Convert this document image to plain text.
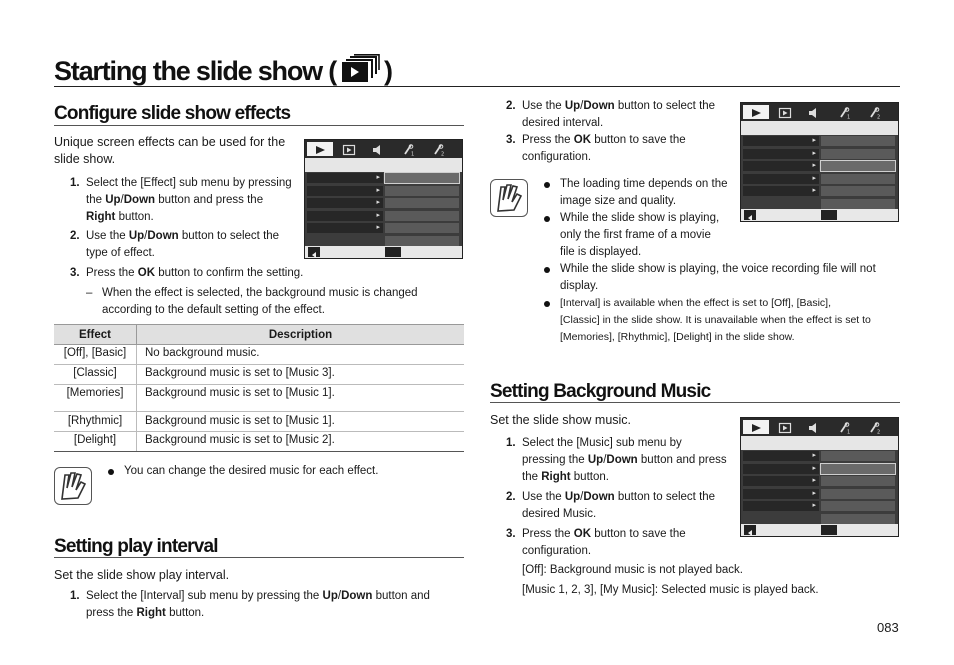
Starting the slide show ( )
Configure slide show effects
Unique screen effects can be used for the
slide show.	1	2
▸
▸
▸
▸
▸
1. Select the [Effect] sub menu by pressing
the Up/Down button and press the
Right button.
2. Use the Up/Down button to select the
type of effect.
3. Press the OK button to confirm the setting.
– When the effect is selected, the background music is changed
according to the default setting of the effect.
Effect	Description
[Off], [Basic]	No background music.
[Classic]	Background music is set to [Music 3].
[Memories]	Background music is set to [Music 1].
[Rhythmic]	Background music is set to [Music 1].
[Delight]	Background music is set to [Music 2].
You can change the desired music for each effect.
Setting play interval
Set the slide show play interval.
1. Select the [Interval] sub menu by pressing the Up/Down button and
press the Right button.
2. Use the Up/Down button to select the
desired interval.
3. Press the OK button to save the
configuration.
1	2
▸
▸
▸
▸
▸
The loading time depends on the
image size and quality.
While the slide show is playing,
only the first frame of a movie
file is displayed.
While the slide show is playing, the voice recording file will not
display.
[Interval] is available when the effect is set to [Off], [Basic],
[Classic] in the slide show. It is unavailable when the effect is set to
[Memories], [Rhythmic], [Delight] in the slide show.
Setting Background Music
Set the slide show music.
1	2
▸
▸
▸
▸
▸
1. Select the [Music] sub menu by
pressing the Up/Down button and press
the Right button.
2. Use the Up/Down button to select the
desired Music.
3. Press the OK button to save the
configuration.
[Off]: Background music is not played back.
[Music 1, 2, 3], [My Music]: Selected music is played back.
083
